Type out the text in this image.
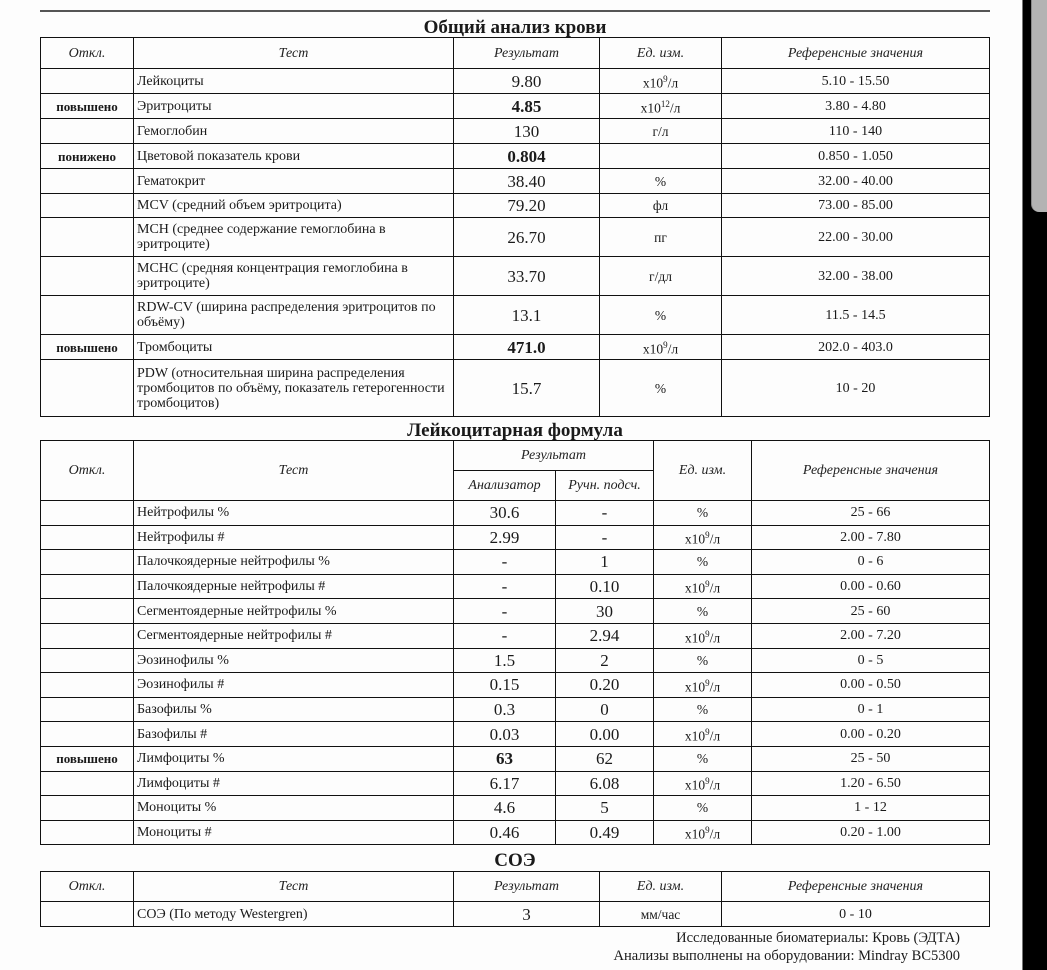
Общий анализ крови
Откл.	Тест	Результат	Ед. изм.	Референсные значения
	Лейкоциты	9.80	$x10^9/л$	5.10 - 15.50
повышено	Эритроциты	4.85	$x10^{12}/л$	3.80 - 4.80
	Гемоглобин	130	г/л	110 - 140
понижено	Цветовой показатель крови	0.804		0.850 - 1.050
	Гематокрит	38.40	%	32.00 - 40.00
	MCV (средний объем эритроцита)	79.20	фл	73.00 - 85.00
	MCH (среднее содержание гемоглобина в эритроците)	26.70	пг	22.00 - 30.00
	MCHC (средняя концентрация гемоглобина в эритроците)	33.70	г/дл	32.00 - 38.00
	RDW-CV (ширина распределения эритроцитов по объёму)	13.1	%	11.5 - 14.5
повышено	Тромбоциты	471.0	$x10^9/л$	202.0 - 403.0
	PDW (относительная ширина распределения тромбоцитов по объёму, показатель гетерогенности тромбоцитов)	15.7	%	10 - 20
Лейкоцитарная формула
Откл.	Тест	Результат		Ед. изм.	Референсные значения
		Анализатор	Ручн. подсч.		
	Нейтрофилы %	30.6	-	%	25 - 66
	Нейтрофилы #	2.99	-	$x10^9/л$	2.00 - 7.80
	Палочкоядерные нейтрофилы %	-	1	%	0 - 6
	Палочкоядерные нейтрофилы #	-	0.10	$x10^9/л$	0.00 - 0.60
	Сегментоядерные нейтрофилы %	-	30	%	25 - 60
	Сегментоядерные нейтрофилы #	-	2.94	$x10^9/л$	2.00 - 7.20
	Эозинофилы %	1.5	2	%	0 - 5
	Эозинофилы #	0.15	0.20	$x10^9/л$	0.00 - 0.50
	Базофилы %	0.3	0	%	0 - 1
	Базофилы #	0.03	0.00	$x10^9/л$	0.00 - 0.20
повышено	Лимфоциты %	63	62	%	25 - 50
	Лимфоциты #	6.17	6.08	$x10^9/л$	1.20 - 6.50
	Моноциты %	4.6	5	%	1 - 12
	Моноциты #	0.46	0.49	$x10^9/л$	0.20 - 1.00
СОЭ
Откл.	Тест	Результат	Ед. изм.	Референсные значения
	СОЭ (По методу Westergren)	3	мм/час	0 - 10
Исследованные биоматериалы: Кровь (ЭДТА)
Анализы выполнены на оборудовании: Mindray BC5300
